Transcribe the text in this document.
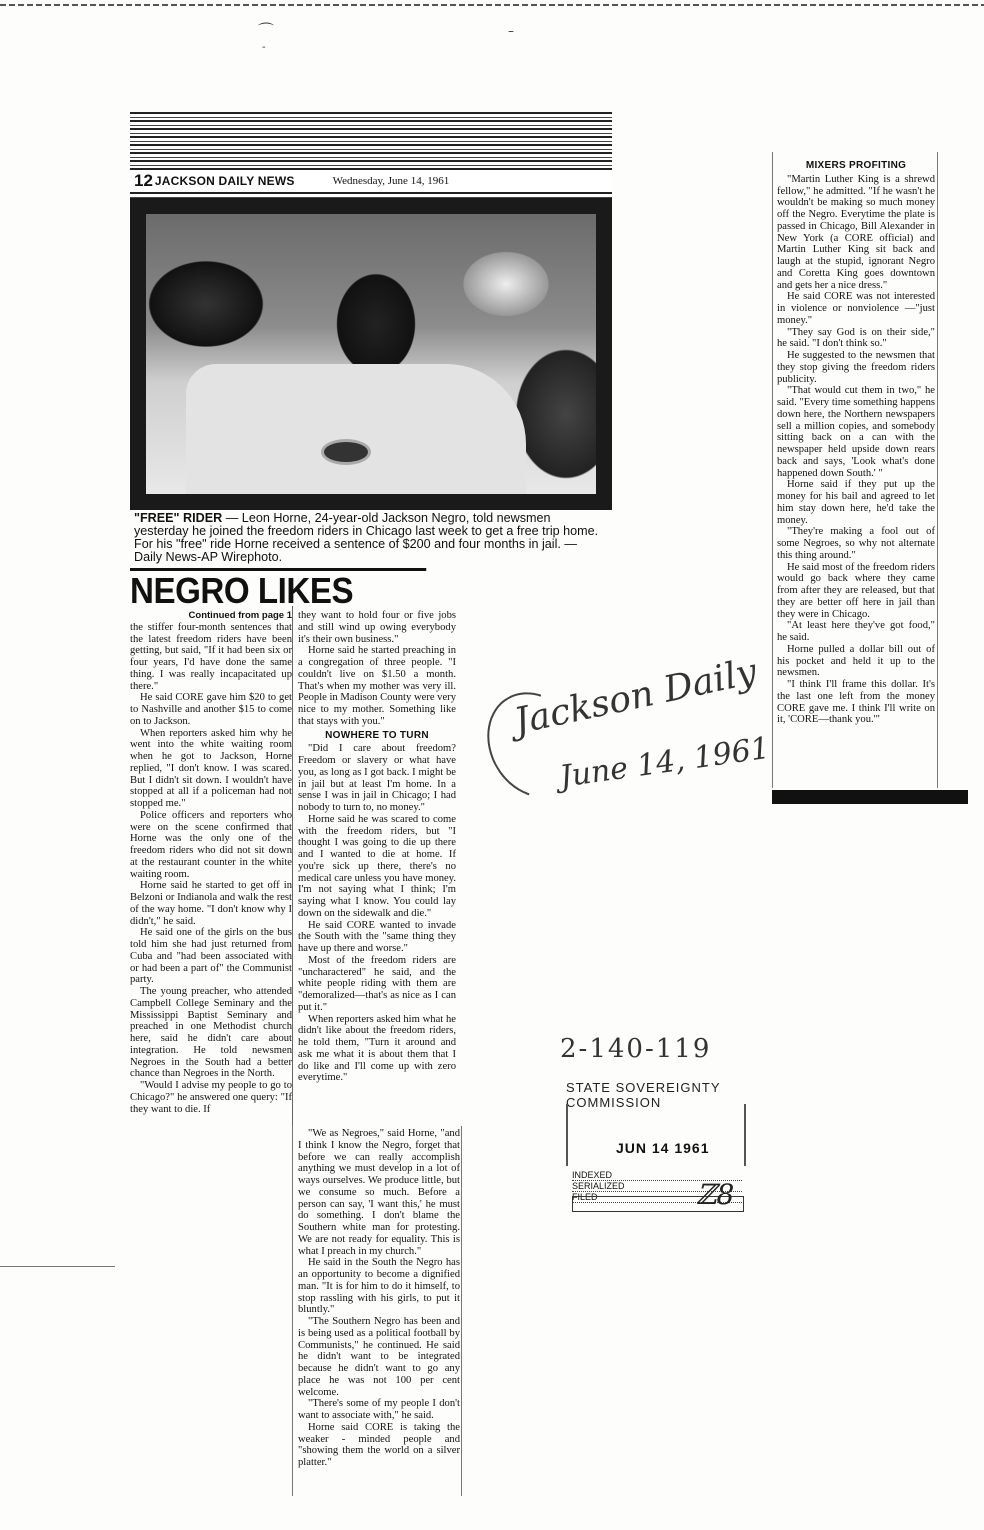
⌒	–
-
12 JACKSON DAILY NEWS	Wednesday, June 14, 1961

"FREE" RIDER — Leon Horne, 24-year-old Jackson Negro, told newsmen yesterday he joined the freedom riders in Chicago last week to get a free trip home. For his "free" ride Horne received a sentence of $200 and four months in jail. — Daily News-AP Wirephoto.

NEGRO LIKES

Continued from page 1

the stiffer four-month sentences that the latest freedom riders have been getting, but said, "If it had been six or four years, I'd have done the same thing. I was really incapacitated up there."

He said CORE gave him $20 to get to Nashville and another $15 to come on to Jackson.

When reporters asked him why he went into the white waiting room when he got to Jackson, Horne replied, "I don't know. I was scared. But I didn't sit down. I wouldn't have stopped at all if a policeman had not stopped me."

Police officers and reporters who were on the scene confirmed that Horne was the only one of the freedom riders who did not sit down at the restaurant counter in the white waiting room.

Horne said he started to get off in Belzoni or Indianola and walk the rest of the way home. "I don't know why I didn't," he said.

He said one of the girls on the bus told him she had just returned from Cuba and "had been associated with or had been a part of" the Communist party.

The young preacher, who attended Campbell College Seminary and the Mississippi Baptist Seminary and preached in one Methodist church here, said he didn't care about integration. He told newsmen Negroes in the South had a better chance than Negroes in the North.

"Would I advise my people to go to Chicago?" he answered one query: "If they want to die. If

they want to hold four or five jobs and still wind up owing everybody it's their own business."

Horne said he started preaching in a congregation of three people. "I couldn't live on $1.50 a month. That's when my mother was very ill. People in Madison County were very nice to my mother. Something like that stays with you."

NOWHERE TO TURN

"Did I care about freedom? Freedom or slavery or what have you, as long as I got back. I might be in jail but at least I'm home. In a sense I was in jail in Chicago; I had nobody to turn to, no money."

Horne said he was scared to come with the freedom riders, but "I thought I was going to die up there and I wanted to die at home. If you're sick up there, there's no medical care unless you have money. I'm not saying what I think; I'm saying what I know. You could lay down on the sidewalk and die."

He said CORE wanted to invade the South with the "same thing they have up there and worse."

Most of the freedom riders are "uncharactered" he said, and the white people riding with them are "demoralized—that's as nice as I can put it."

When reporters asked him what he didn't like about the freedom riders, he told them, "Turn it around and ask me what it is about them that I do like and I'll come up with zero everytime."

"We as Negroes," said Horne, "and I think I know the Negro, forget that before we can really accomplish anything we must develop in a lot of ways ourselves. We produce little, but we consume so much. Before a person can say, 'I want this,' he must do something. I don't blame the Southern white man for protesting. We are not ready for equality. This is what I preach in my church."

He said in the South the Negro has an opportunity to become a dignified man. "It is for him to do it himself, to stop rassling with his girls, to put it bluntly."

"The Southern Negro has been and is being used as a political football by Communists," he continued. He said he didn't want to be integrated because he didn't want to go any place he was not 100 per cent welcome.

"There's some of my people I don't want to associate with," he said.

Horne said CORE is taking the weaker - minded people and "showing them the world on a silver platter."

MIXERS PROFITING

"Martin Luther King is a shrewd fellow," he admitted. "If he wasn't he wouldn't be making so much money off the Negro. Everytime the plate is passed in Chicago, Bill Alexander in New York (a CORE official) and Martin Luther King sit back and laugh at the stupid, ignorant Negro and Coretta King goes downtown and gets her a nice dress."

He said CORE was not interested in violence or nonviolence —"just money."

"They say God is on their side," he said. "I don't think so."

He suggested to the newsmen that they stop giving the freedom riders publicity.

"That would cut them in two," he said. "Every time something happens down here, the Northern newspapers sell a million copies, and somebody sitting back on a can with the newspaper held upside down rears back and says, 'Look what's done happened down South.' "

Horne said if they put up the money for his bail and agreed to let him stay down here, he'd take the money.

"They're making a fool out of some Negroes, so why not alternate this thing around."

He said most of the freedom riders would go back where they came from after they are released, but that they are better off here in jail than they were in Chicago.

"At least here they've got food," he said.

Horne pulled a dollar bill out of his pocket and held it up to the newsmen.

"I think I'll frame this dollar. It's the last one left from the money CORE gave me. I think I'll write on it, 'CORE—thank you.'"

Jackson Daily
June 14, 1961
2-140-119
STATE SOVEREIGNTY COMMISSION
JUN 14 1961
INDEXED
SERIALIZED
FILED	ℤ8
